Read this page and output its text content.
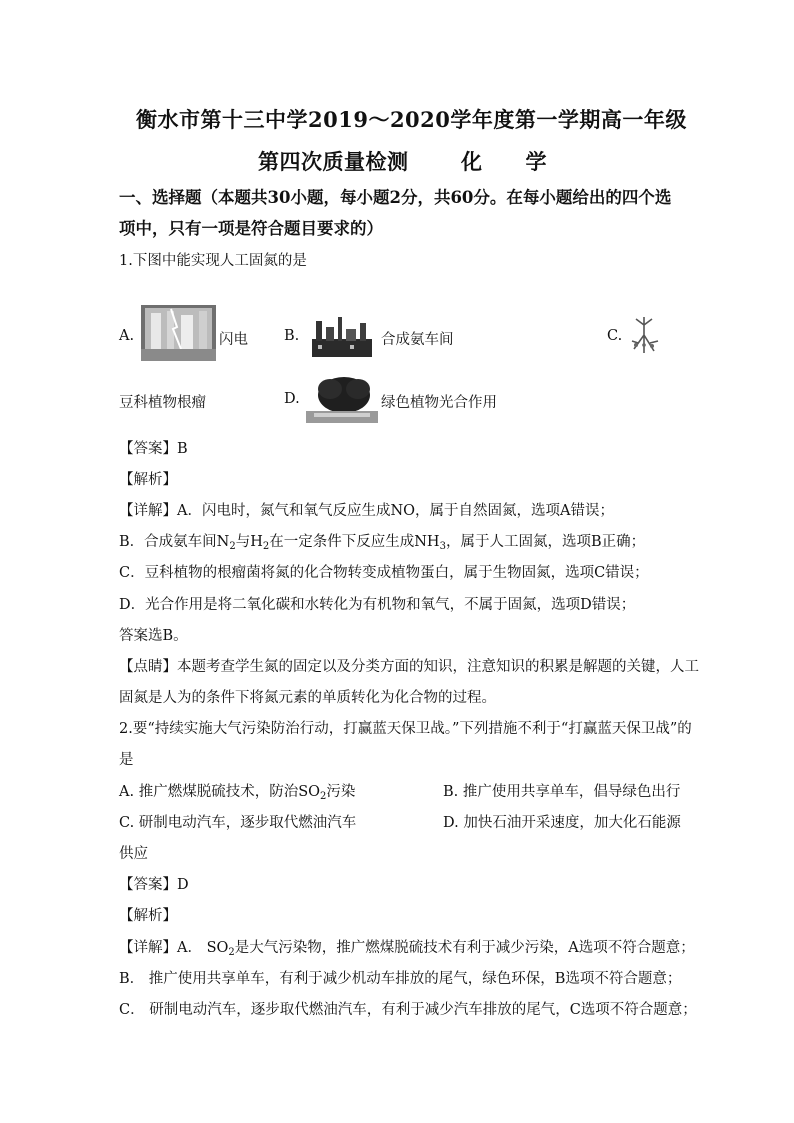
衡水市第十三中学2019～2020学年度第一学期高一年级
第四次质量检测	化　　学
一、选择题（本题共30小题，每小题2分，共60分。在每小题给出的四个选
项中，只有一项是符合题目要求的）
1.下图中能实现人工固氮的是
A.	闪电 B.	合成氨车间	C.
豆科植物根瘤	D.	绿色植物光合作用
【答案】B
【解析】
【详解】A．闪电时，氮气和氧气反应生成NO，属于自然固氮，选项A错误；
B．合成氨车间$N_2$与$H_2$在一定条件下反应生成$NH_3$，属于人工固氮，选项B正确；
C．豆科植物的根瘤菌将氮的化合物转变成植物蛋白，属于生物固氮，选项C错误；
D．光合作用是将二氧化碳和水转化为有机物和氧气，不属于固氮，选项D错误；
答案选B。
【点睛】本题考查学生氮的固定以及分类方面的知识，注意知识的积累是解题的关键，人工
固氮是人为的条件下将氮元素的单质转化为化合物的过程。
2.要“持续实施大气污染防治行动，打赢蓝天保卫战。”下列措施不利于“打赢蓝天保卫战”的
是
A. 推广燃煤脱硫技术，防治$SO_2$污染	B. 推广使用共享单车，倡导绿色出行
C. 研制电动汽车，逐步取代燃油汽车	D. 加快石油开采速度，加大化石能源
供应
【答案】D
【解析】
【详解】A． $SO_2$是大气污染物，推广燃煤脱硫技术有利于减少污染，A选项不符合题意；
B． 推广使用共享单车，有利于减少机动车排放的尾气，绿色环保，B选项不符合题意；
C． 研制电动汽车，逐步取代燃油汽车，有利于减少汽车排放的尾气，C选项不符合题意；
